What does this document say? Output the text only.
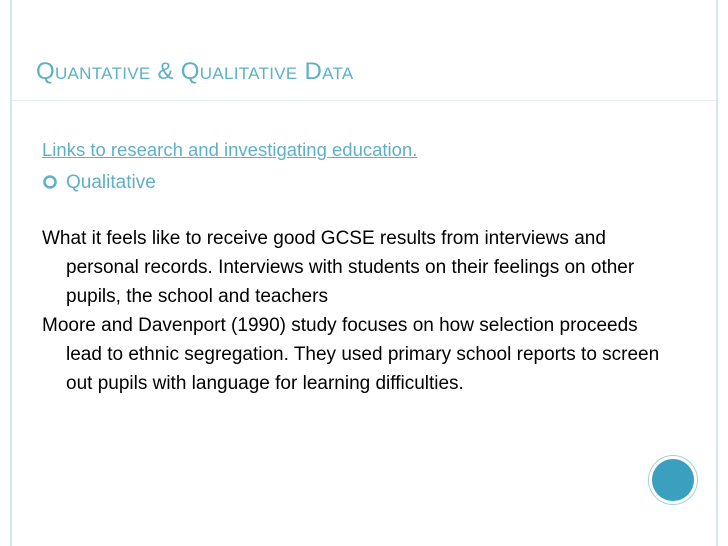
Quantative & Qualitative Data
Links to research and investigating education.
Qualitative

What it feels like to receive good GCSE results from interviews and personal records. Interviews with students on their feelings on other pupils, the school and teachers

Moore and Davenport (1990) study focuses on how selection proceeds lead to ethnic segregation. They used primary school reports to screen out pupils with language for learning difficulties.
